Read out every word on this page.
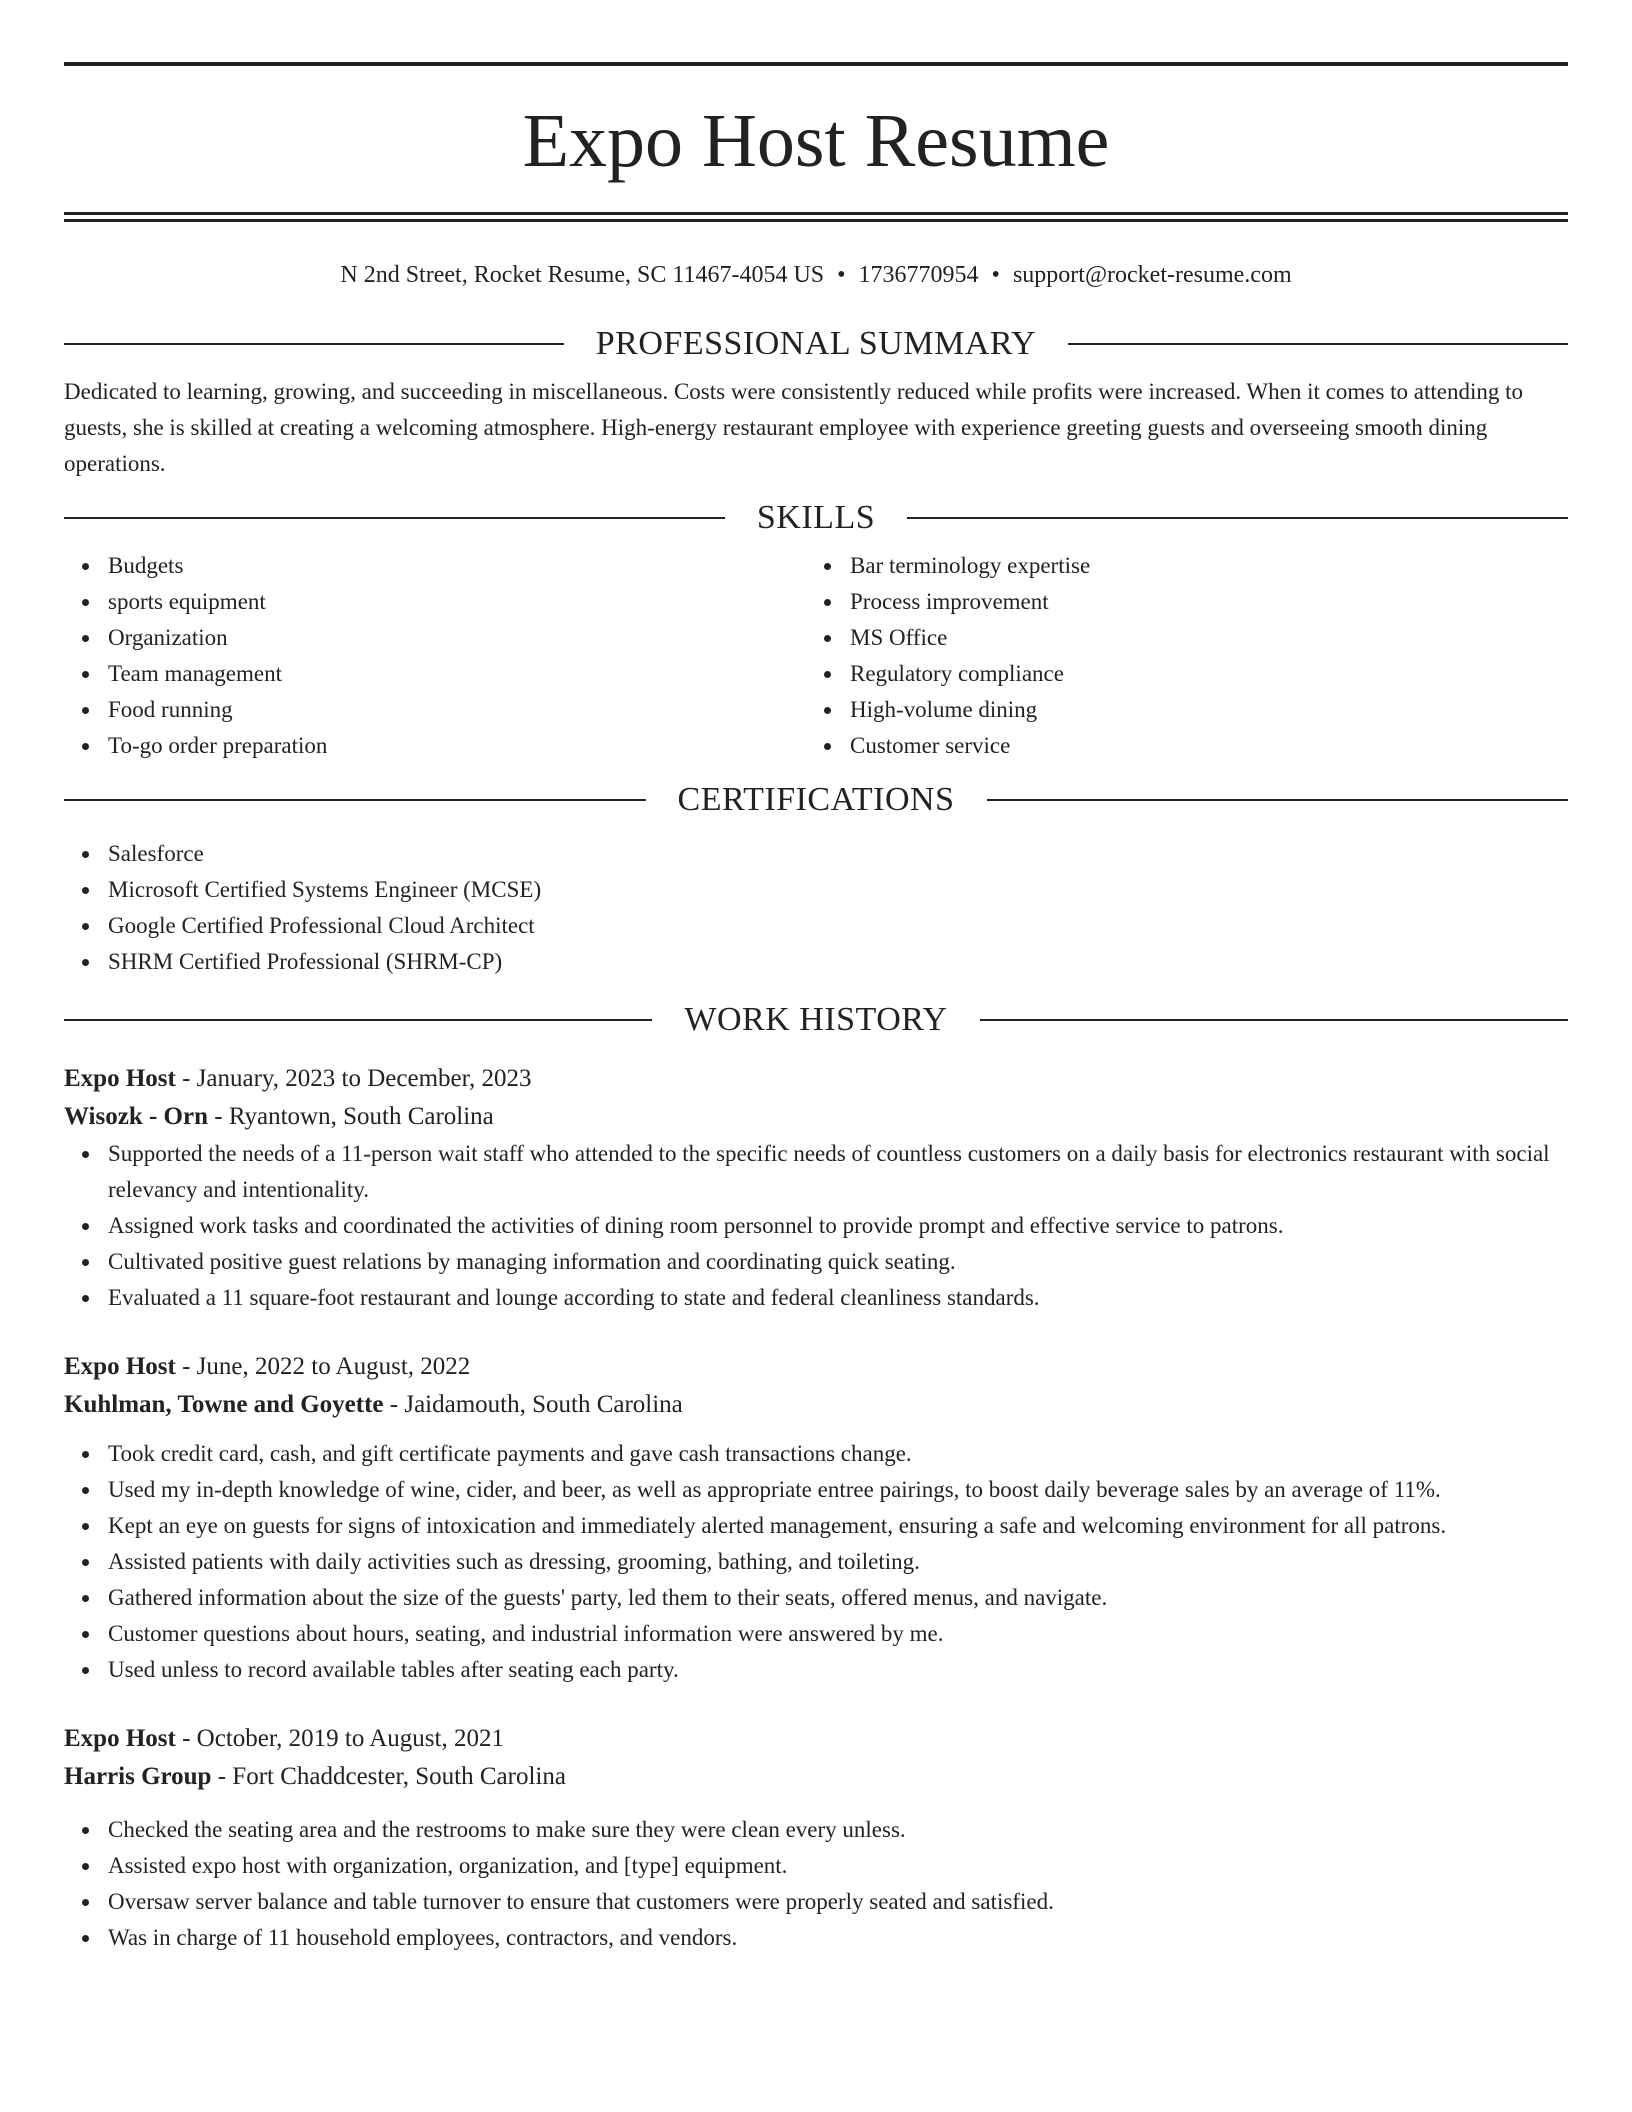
Expo Host Resume
N 2nd Street, Rocket Resume, SC 11467-4054 US • 1736770954 • support@rocket-resume.com
PROFESSIONAL SUMMARY

Dedicated to learning, growing, and succeeding in miscellaneous. Costs were consistently reduced while profits were increased. When it comes to attending to guests, she is skilled at creating a welcoming atmosphere. High-energy restaurant employee with experience greeting guests and overseeing smooth dining operations.

SKILLS
Budgets
sports equipment
Organization
Team management
Food running
To-go order preparation
Bar terminology expertise
Process improvement
MS Office
Regulatory compliance
High-volume dining
Customer service
CERTIFICATIONS
Salesforce
Microsoft Certified Systems Engineer (MCSE)
Google Certified Professional Cloud Architect
SHRM Certified Professional (SHRM-CP)
WORK HISTORY
Expo Host - January, 2023 to December, 2023
Wisozk - Orn - Ryantown, South Carolina
Supported the needs of a 11-person wait staff who attended to the specific needs of countless customers on a daily basis for electronics restaurant with social relevancy and intentionality.
Assigned work tasks and coordinated the activities of dining room personnel to provide prompt and effective service to patrons.
Cultivated positive guest relations by managing information and coordinating quick seating.
Evaluated a 11 square-foot restaurant and lounge according to state and federal cleanliness standards.
Expo Host - June, 2022 to August, 2022
Kuhlman, Towne and Goyette - Jaidamouth, South Carolina
Took credit card, cash, and gift certificate payments and gave cash transactions change.
Used my in-depth knowledge of wine, cider, and beer, as well as appropriate entree pairings, to boost daily beverage sales by an average of 11%.
Kept an eye on guests for signs of intoxication and immediately alerted management, ensuring a safe and welcoming environment for all patrons.
Assisted patients with daily activities such as dressing, grooming, bathing, and toileting.
Gathered information about the size of the guests' party, led them to their seats, offered menus, and navigate.
Customer questions about hours, seating, and industrial information were answered by me.
Used unless to record available tables after seating each party.
Expo Host - October, 2019 to August, 2021
Harris Group - Fort Chaddcester, South Carolina
Checked the seating area and the restrooms to make sure they were clean every unless.
Assisted expo host with organization, organization, and [type] equipment.
Oversaw server balance and table turnover to ensure that customers were properly seated and satisfied.
Was in charge of 11 household employees, contractors, and vendors.
